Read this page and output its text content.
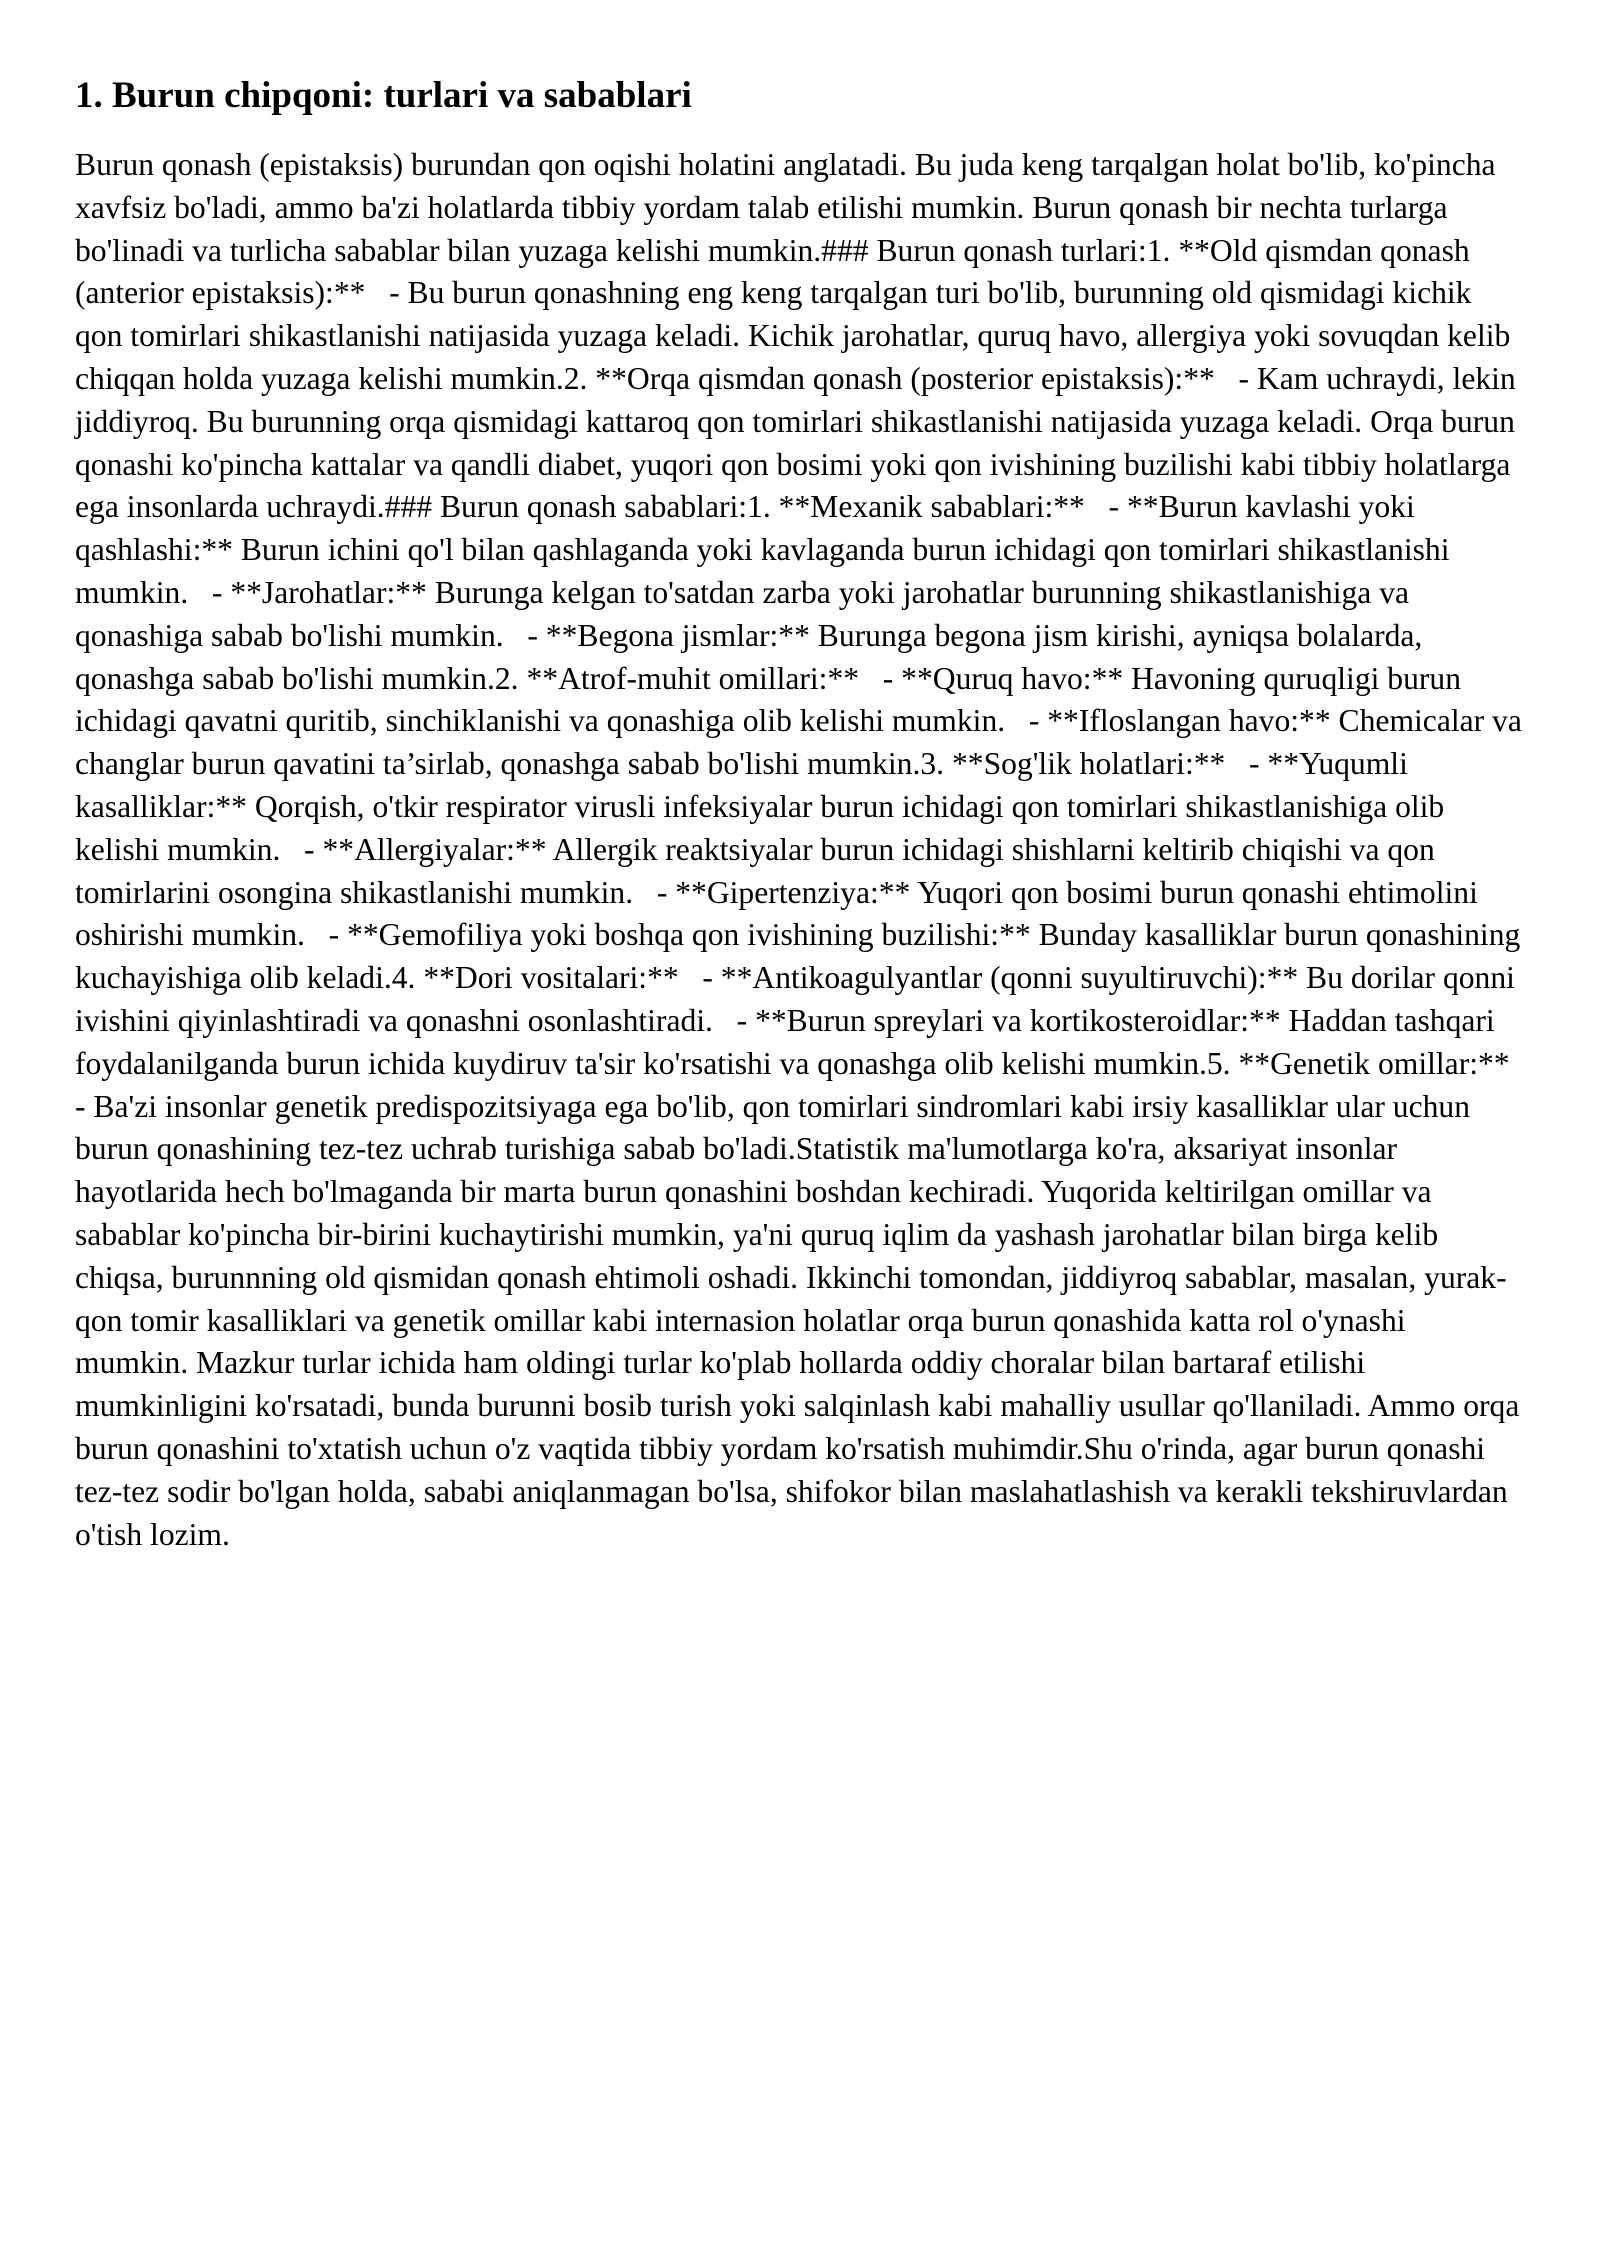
1. Burun chipqoni: turlari va sabablari

Burun qonash (epistaksis) burundan qon oqishi holatini anglatadi. Bu juda keng tarqalgan holat bo'lib, ko'pincha xavfsiz bo'ladi, ammo ba'zi holatlarda tibbiy yordam talab etilishi mumkin. Burun qonash bir nechta turlarga bo'linadi va turlicha sabablar bilan yuzaga kelishi mumkin.### Burun qonash turlari:1. **Old qismdan qonash (anterior epistaksis):**   - Bu burun qonashning eng keng tarqalgan turi bo'lib, burunning old qismidagi kichik qon tomirlari shikastlanishi natijasida yuzaga keladi. Kichik jarohatlar, quruq havo, allergiya yoki sovuqdan kelib chiqqan holda yuzaga kelishi mumkin.2. **Orqa qismdan qonash (posterior epistaksis):**   - Kam uchraydi, lekin jiddiyroq. Bu burunning orqa qismidagi kattaroq qon tomirlari shikastlanishi natijasida yuzaga keladi. Orqa burun qonashi ko'pincha kattalar va qandli diabet, yuqori qon bosimi yoki qon ivishining buzilishi kabi tibbiy holatlarga ega insonlarda uchraydi.### Burun qonash sabablari:1. **Mexanik sabablari:**   - **Burun kavlashi yoki qashlashi:** Burun ichini qo'l bilan qashlaganda yoki kavlaganda burun ichidagi qon tomirlari shikastlanishi mumkin.   - **Jarohatlar:** Burunga kelgan to'satdan zarba yoki jarohatlar burunning shikastlanishiga va qonashiga sabab bo'lishi mumkin.   - **Begona jismlar:** Burunga begona jism kirishi, ayniqsa bolalarda, qonashga sabab bo'lishi mumkin.2. **Atrof-muhit omillari:**   - **Quruq havo:** Havoning quruqligi burun ichidagi qavatni quritib, sinchiklanishi va qonashiga olib kelishi mumkin.   - **Ifloslangan havo:** Chemicalar va changlar burun qavatini ta’sirlab, qonashga sabab bo'lishi mumkin.3. **Sog'lik holatlari:**   - **Yuqumli kasalliklar:** Qorqish, o'tkir respirator virusli infeksiyalar burun ichidagi qon tomirlari shikastlanishiga olib kelishi mumkin.   - **Allergiyalar:** Allergik reaktsiyalar burun ichidagi shishlarni keltirib chiqishi va qon tomirlarini osongina shikastlanishi mumkin.   - **Gipertenziya:** Yuqori qon bosimi burun qonashi ehtimolini oshirishi mumkin.   - **Gemofiliya yoki boshqa qon ivishining buzilishi:** Bunday kasalliklar burun qonashining kuchayishiga olib keladi.4. **Dori vositalari:**   - **Antikoagulyantlar (qonni suyultiruvchi):** Bu dorilar qonni ivishini qiyinlashtiradi va qonashni osonlashtiradi.   - **Burun spreylari va kortikosteroidlar:** Haddan tashqari foydalanilganda burun ichida kuydiruv ta'sir ko'rsatishi va qonashga olib kelishi mumkin.5. **Genetik omillar:**   - Ba'zi insonlar genetik predispozitsiyaga ega bo'lib, qon tomirlari sindromlari kabi irsiy kasalliklar ular uchun burun qonashining tez-tez uchrab turishiga sabab bo'ladi.Statistik ma'lumotlarga ko'ra, aksariyat insonlar hayotlarida hech bo'lmaganda bir marta burun qonashini boshdan kechiradi. Yuqorida keltirilgan omillar va sabablar ko'pincha bir-birini kuchaytirishi mumkin, ya'ni quruq iqlim da yashash jarohatlar bilan birga kelib chiqsa, burunnning old qismidan qonash ehtimoli oshadi. Ikkinchi tomondan, jiddiyroq sabablar, masalan, yurak-qon tomir kasalliklari va genetik omillar kabi internasion holatlar orqa burun qonashida katta rol o'ynashi mumkin. Mazkur turlar ichida ham oldingi turlar ko'plab hollarda oddiy choralar bilan bartaraf etilishi mumkinligini ko'rsatadi, bunda burunni bosib turish yoki salqinlash kabi mahalliy usullar qo'llaniladi. Ammo orqa burun qonashini to'xtatish uchun o'z vaqtida tibbiy yordam ko'rsatish muhimdir.Shu o'rinda, agar burun qonashi tez-tez sodir bo'lgan holda, sababi aniqlanmagan bo'lsa, shifokor bilan maslahatlashish va kerakli tekshiruvlardan o'tish lozim.
